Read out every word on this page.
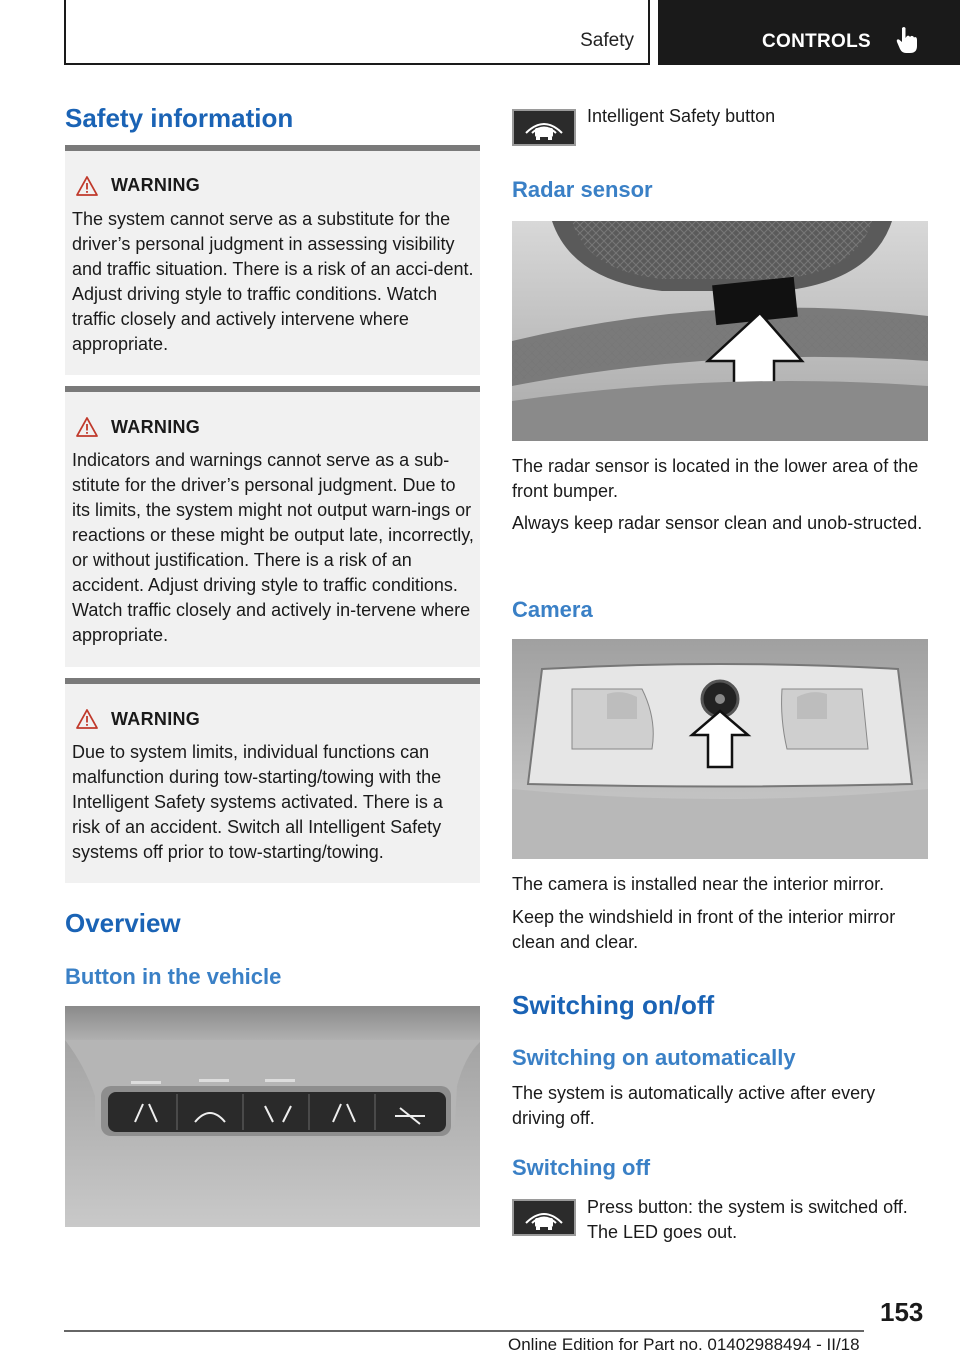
Safety	CONTROLS
Safety information
WARNING
The system cannot serve as a substitute for the driver’s personal judgment in assessing visibility and traffic situation. There is a risk of an acci-dent. Adjust driving style to traffic conditions. Watch traffic closely and actively intervene where appropriate.
WARNING
Indicators and warnings cannot serve as a sub-stitute for the driver’s personal judgment. Due to its limits, the system might not output warn-ings or reactions or these might be output late, incorrectly, or without justification. There is a risk of an accident. Adjust driving style to traffic conditions. Watch traffic closely and actively in-tervene where appropriate.
WARNING
Due to system limits, individual functions can malfunction during tow-starting/towing with the Intelligent Safety systems activated. There is a risk of an accident. Switch all Intelligent Safety systems off prior to tow-starting/towing.
Overview
Button in the vehicle
Intelligent Safety button
Radar sensor
The radar sensor is located in the lower area of the front bumper.
Always keep radar sensor clean and unob-structed.
Camera
The camera is installed near the interior mirror.
Keep the windshield in front of the interior mirror clean and clear.
Switching on/off
Switching on automatically
The system is automatically active after every driving off.
Switching off
Press button: the system is switched off. The LED goes out.
153
Online Edition for Part no. 01402988494 - II/18
